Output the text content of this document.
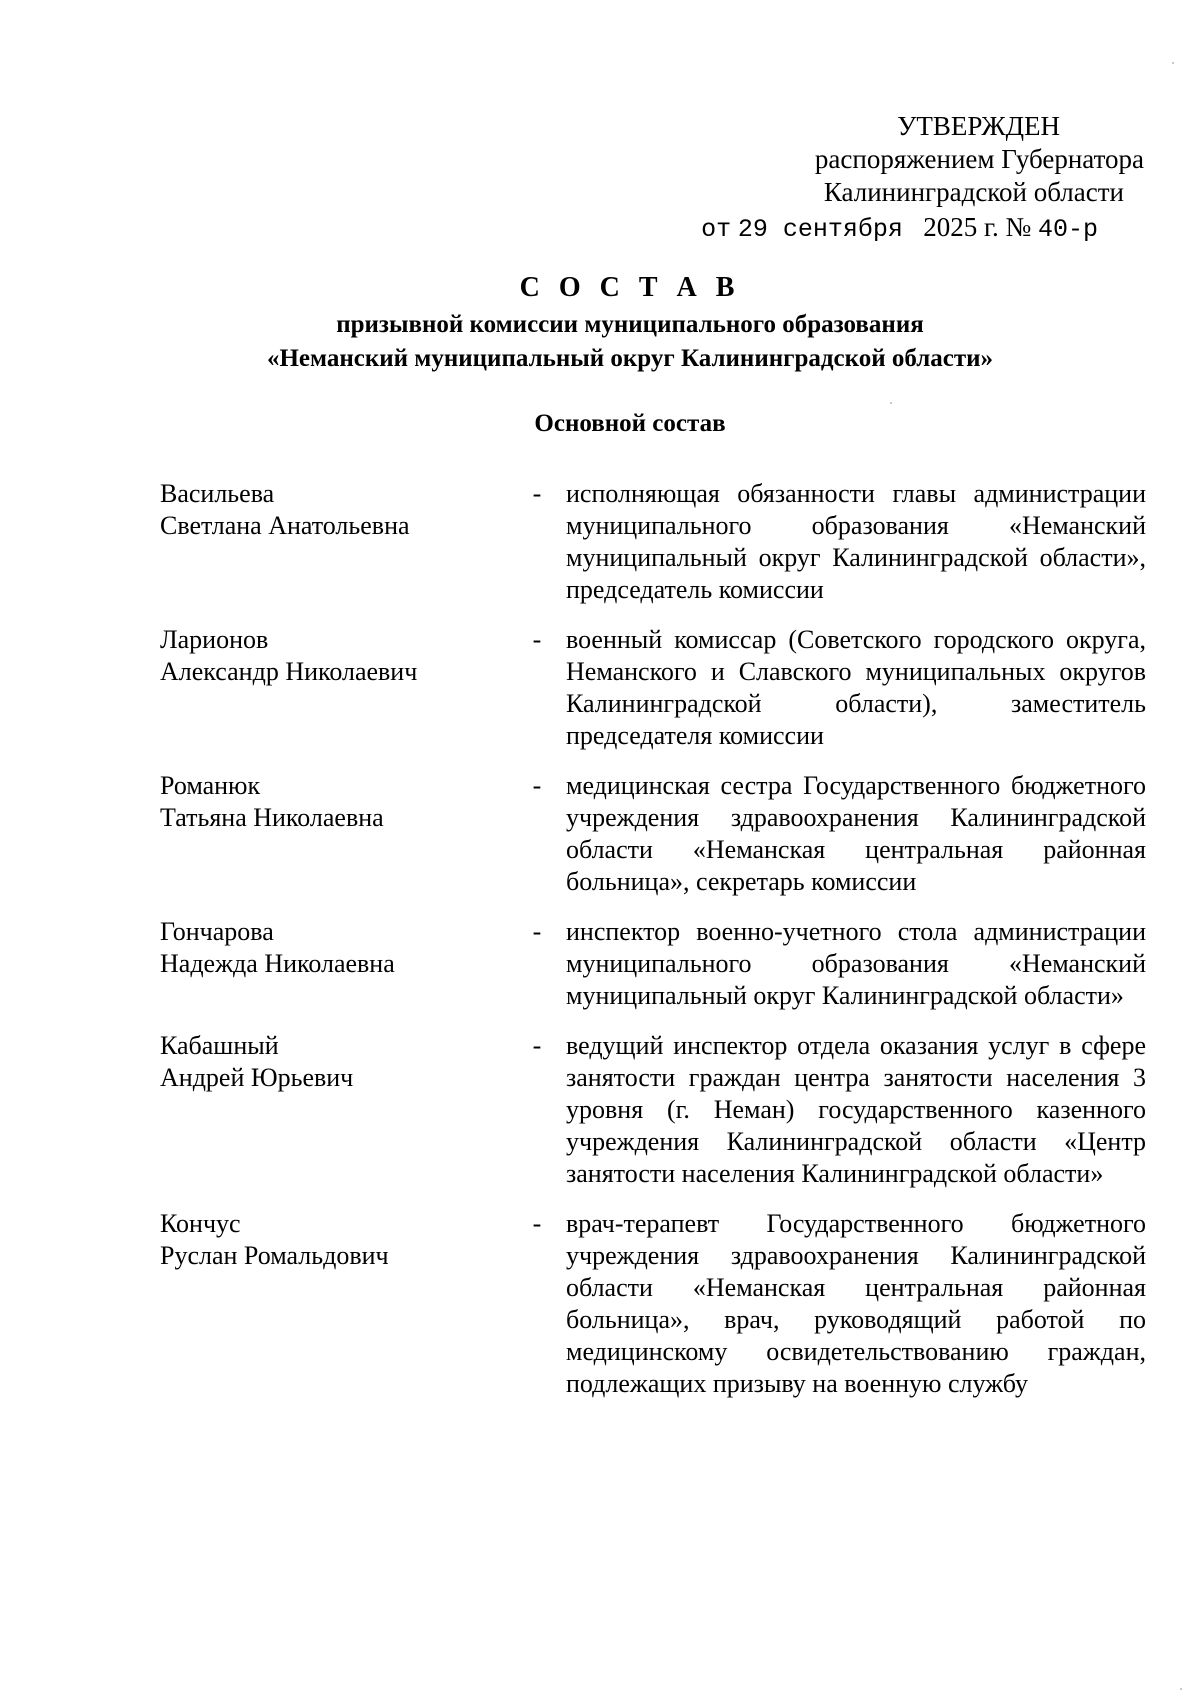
УТВЕРЖДЕН
распоряжением Губернатора
Калининградской области
от 29 сентября 2025 г. № 40-р
С О С Т А В
призывной комиссии муниципального образования
«Неманский муниципальный округ Калининградской области»
Основной состав
Васильева
Светлана Анатольевна
- исполняющая обязанности главы администрации муниципального образования «Неманский муниципальный округ Калининградской области», председатель комиссии
Ларионов
Александр Николаевич
- военный комиссар (Советского городского округа, Неманского и Славского муниципальных округов Калининградской области), заместитель председателя комиссии
Романюк
Татьяна Николаевна
- медицинская сестра Государственного бюджетного учреждения здравоохранения Калининградской области «Неманская центральная районная больница», секретарь комиссии
Гончарова
Надежда Николаевна
- инспектор военно-учетного стола администрации муниципального образования «Неманский муниципальный округ Калининградской области»
Кабашный
Андрей Юрьевич
- ведущий инспектор отдела оказания услуг в сфере занятости граждан центра занятости населения 3 уровня (г. Неман) государственного казенного учреждения Калининградской области «Центр занятости населения Калининградской области»
Кончус
Руслан Ромальдович
- врач-терапевт Государственного бюджетного учреждения здравоохранения Калининградской области «Неманская центральная районная больница», врач, руководящий работой по медицинскому освидетельствованию граждан, подлежащих призыву на военную службу
